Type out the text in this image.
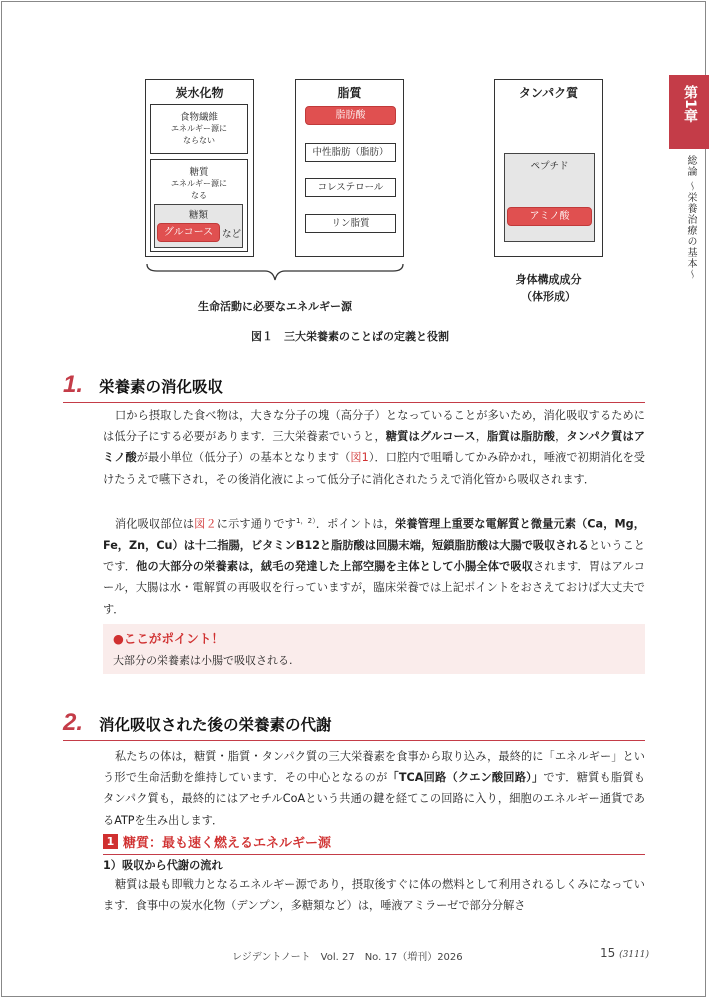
炭水化物
食物繊維
エネルギー源に
ならない
糖質
エネルギー源に
なる
糖類
グルコース など
脂質
脂肪酸
中性脂肪（脂肪）
コレステロール
リン脂質
タンパク質
ペプチド
アミノ酸
生命活動に必要なエネルギー源
身体構成成分
（体形成）
図１　三大栄養素のことばの定義と役割
第1章
総論 〜栄養治療の基本〜
1. 栄養素の消化吸収
口から摂取した食べ物は，大きな分子の塊（高分子）となっていることが多いため，消化吸収するためには低分子にする必要があります．三大栄養素でいうと，糖質はグルコース，脂質は脂肪酸，タンパク質はアミノ酸が最小単位（低分子）の基本となります（図1）．口腔内で咀嚼してかみ砕かれ，唾液で初期消化を受けたうえで嚥下され，その後消化液によって低分子に消化されたうえで消化管から吸収されます．
消化吸収部位は図２に示す通りです$^{1,2)}$．ポイントは，栄養管理上重要な電解質と微量元素（Ca，Mg，Fe，Zn，Cu）は十二指腸，ビタミンB12と脂肪酸は回腸末端，短鎖脂肪酸は大腸で吸収されるということです．他の大部分の栄養素は，絨毛の発達した上部空腸を主体として小腸全体で吸収されます．胃はアルコール，大腸は水・電解質の再吸収を行っていますが，臨床栄養では上記ポイントをおさえておけば大丈夫です．
●ここがポイント！
大部分の栄養素は小腸で吸収される.
2. 消化吸収された後の栄養素の代謝
私たちの体は，糖質・脂質・タンパク質の三大栄養素を食事から取り込み，最終的に「エネルギー」という形で生命活動を維持しています．その中心となるのが「TCA回路（クエン酸回路）」です．糖質も脂質もタンパク質も，最終的にはアセチルCoAという共通の鍵を経てこの回路に入り，細胞のエネルギー通貨であるATPを生み出します．
1 糖質：最も速く燃えるエネルギー源
1）吸収から代謝の流れ
糖質は最も即戦力となるエネルギー源であり，摂取後すぐに体の燃料として利用されるしくみになっています．食事中の炭水化物（デンプン，多糖類など）は，唾液アミラーゼで部分分解さ
レジデントノート　Vol. 27　No. 17（増刊）2026	15 (3111)
